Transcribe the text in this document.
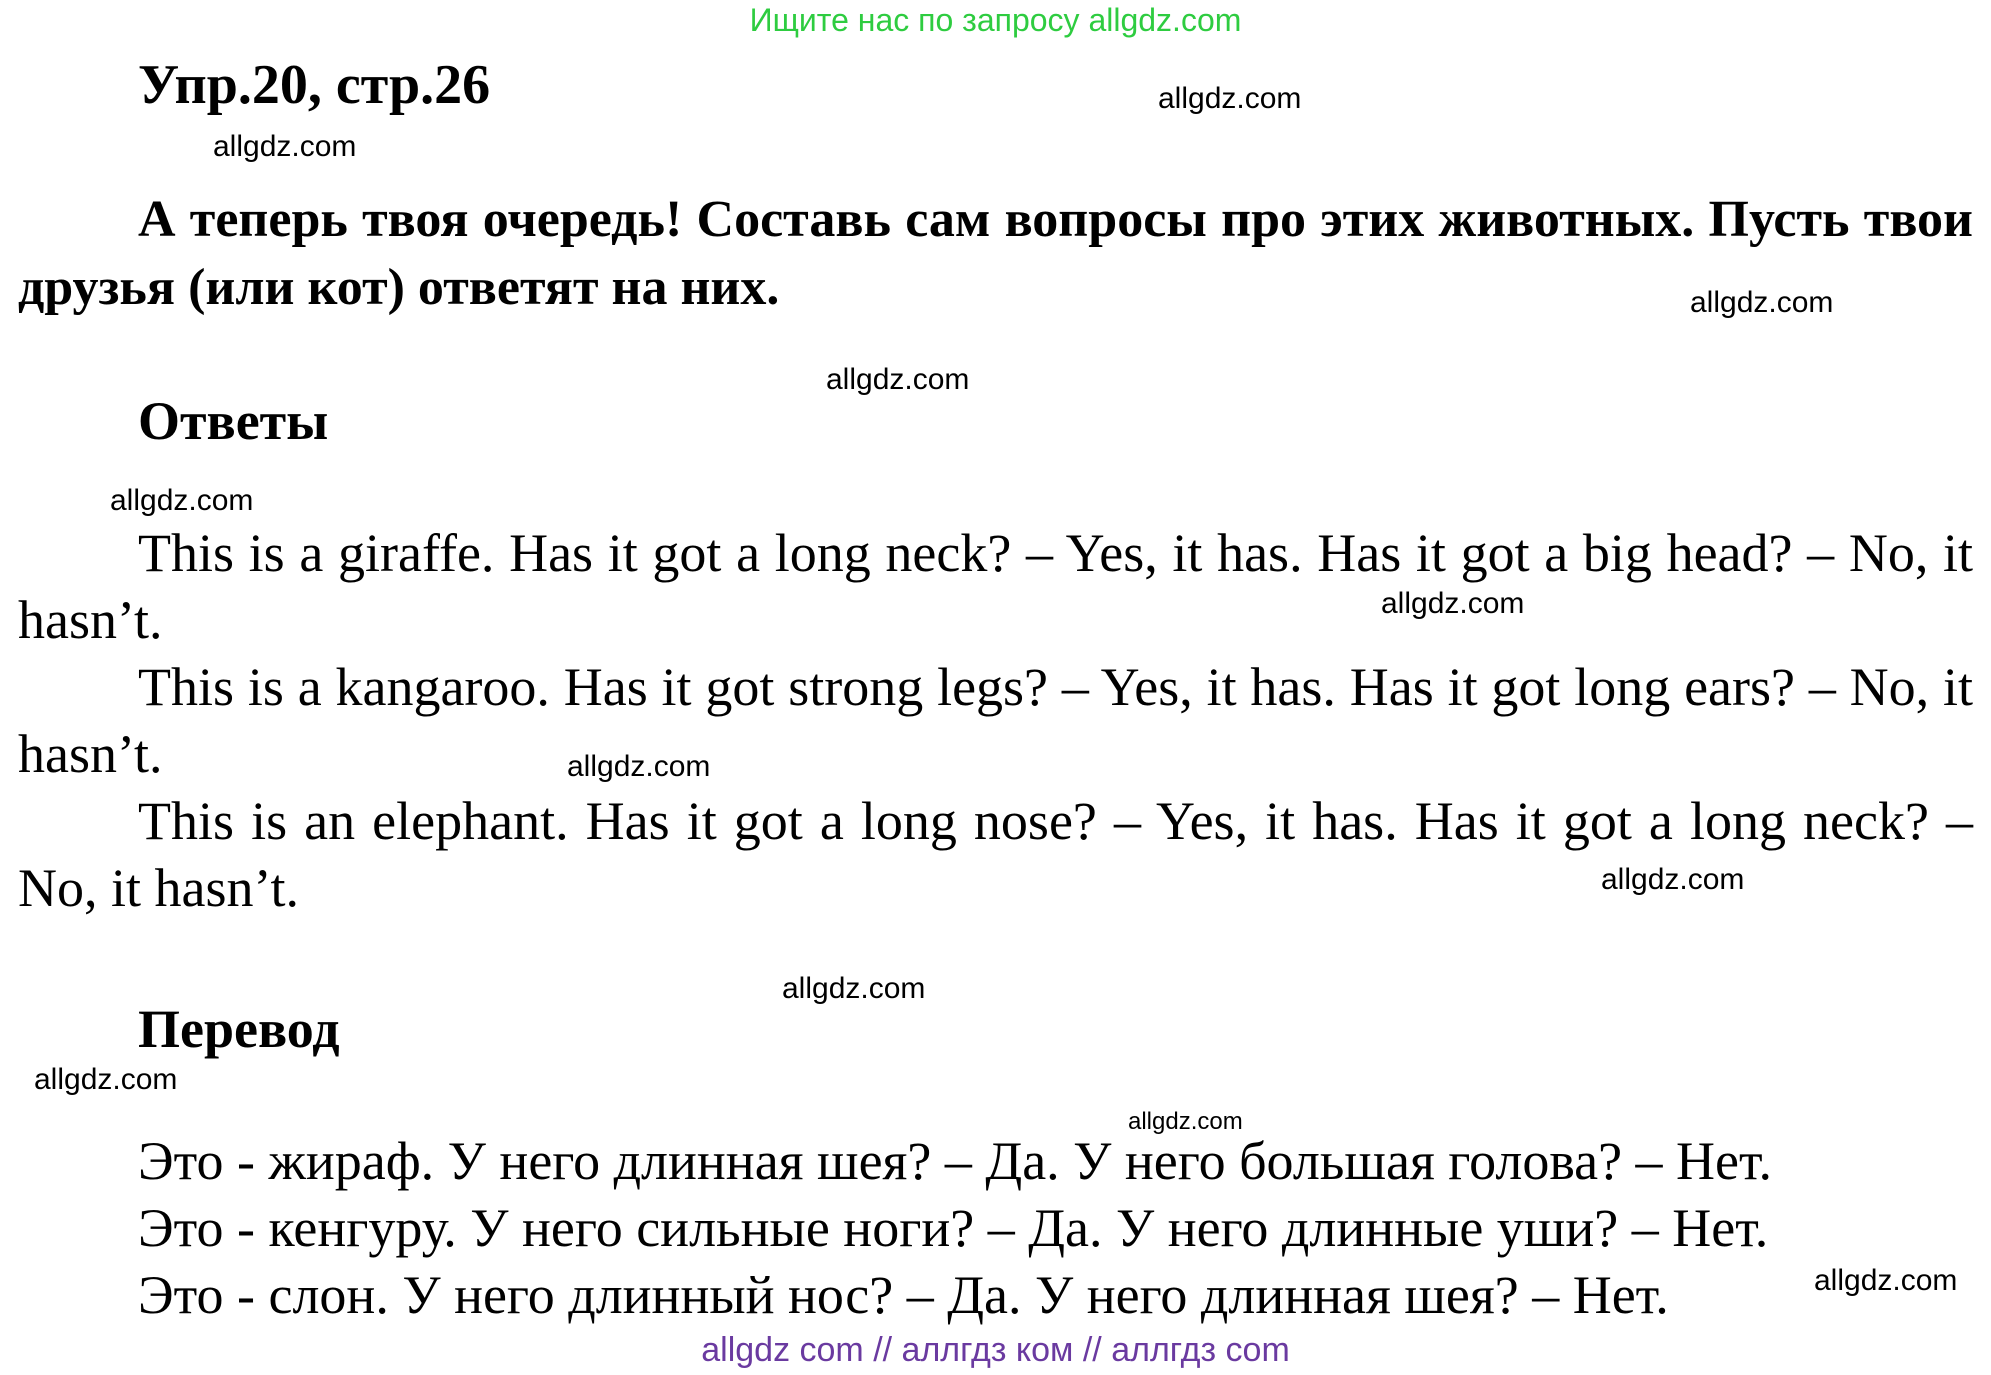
Ищите нас по запросу allgdz.com
Упр.20, стр.26

А теперь твоя очередь! Составь сам вопросы про этих животных. Пусть твои друзья (или кот) ответят на них.

Ответы

This is a giraffe. Has it got a long neck? – Yes, it has. Has it got a big head? – No, it hasn’t.

This is a kangaroo. Has it got strong legs? – Yes, it has. Has it got long ears? – No, it hasn’t.

This is an elephant. Has it got a long nose? – Yes, it has. Has it got a long neck? – No, it hasn’t.

Перевод

Это - жираф. У него длинная шея? – Да. У него большая голова? – Нет.

Это - кенгуру. У него сильные ноги? – Да. У него длинные уши? – Нет.

Это - слон. У него длинный нос? – Да. У него длинная шея? – Нет.

allgdz.com
allgdz.com
allgdz.com
allgdz.com
allgdz.com
allgdz.com
allgdz.com
allgdz.com
allgdz.com
allgdz.com
allgdz.com
allgdz.com
allgdz com // аллгдз ком // аллгдз com
